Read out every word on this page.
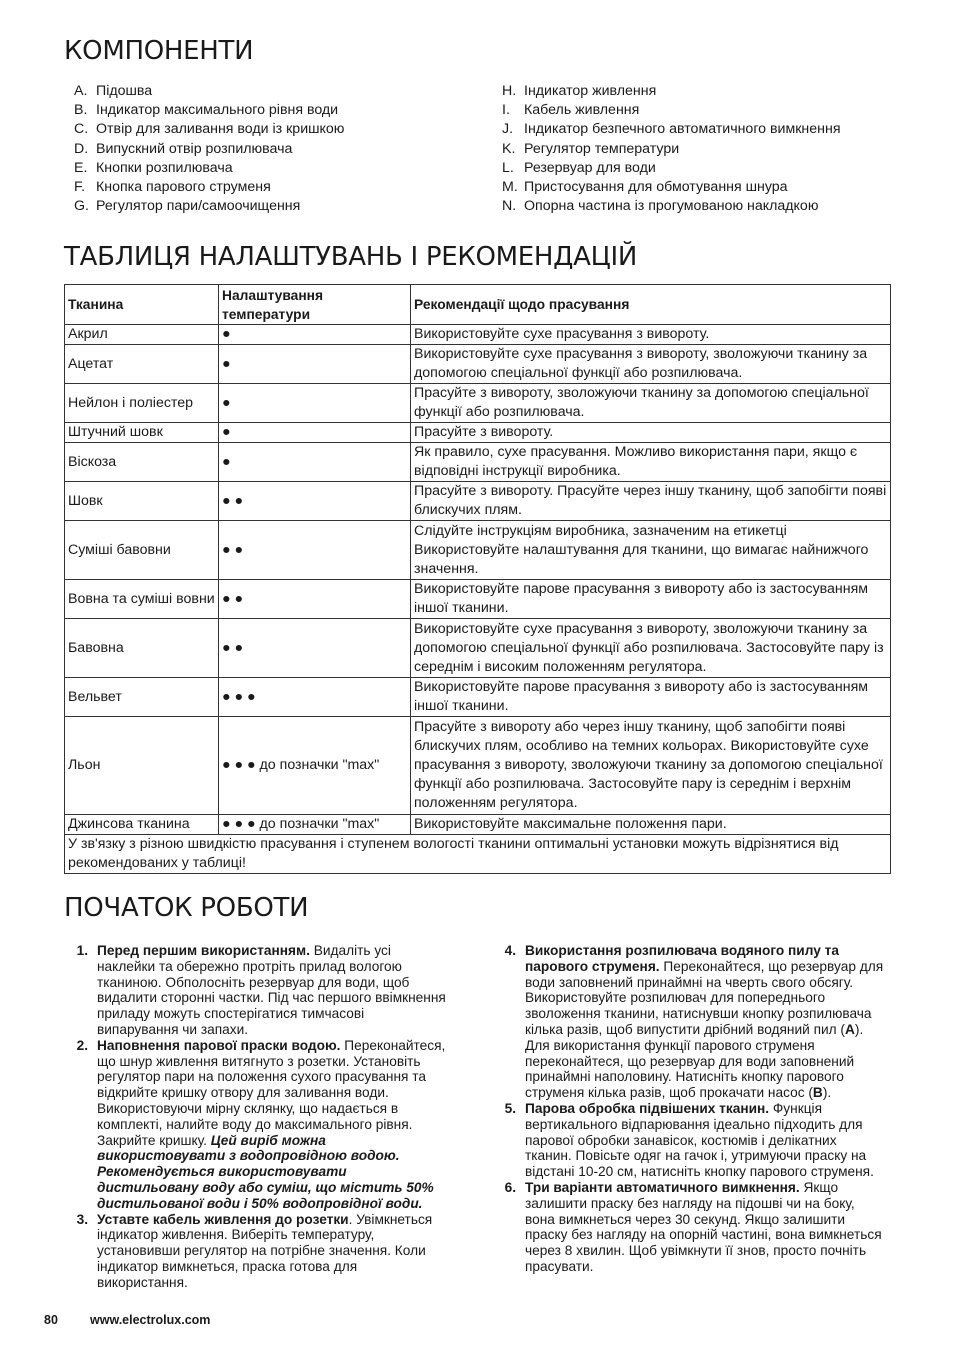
КОМПОНЕНТИ
A. Підошва
B. Індикатор максимального рівня води
C. Отвір для заливання води із кришкою
D. Випускний отвір розпилювача
E. Кнопки розпилювача
F. Кнопка парового струменя
G. Регулятор пари/самоочищення
H. Індикатор живлення
I. Кабель живлення
J. Індикатор безпечного автоматичного вимкнення
K. Регулятор температури
L. Резервуар для води
M. Пристосування для обмотування шнура
N. Опорна частина із прогумованою накладкою
ТАБЛИЦЯ НАЛАШТУВАНЬ І РЕКОМЕНДАЦІЙ
Тканина	Налаштування температури	Рекомендації щодо прасування
Акрил	●	Використовуйте сухе прасування з вивороту.
Ацетат	●	Використовуйте сухе прасування з вивороту, зволожуючи тканину за допомогою спеціальної функції або розпилювача.
Нейлон і поліестер	●	Прасуйте з вивороту, зволожуючи тканину за допомогою спеціальної функції або розпилювача.
Штучний шовк	●	Прасуйте з вивороту.
Віскоза	●	Як правило, сухе прасування. Можливо використання пари, якщо є відповідні інструкції виробника.
Шовк	● ●	Прасуйте з вивороту. Прасуйте через іншу тканину, щоб запобігти появі блискучих плям.
Суміші бавовни	● ●	Слідуйте інструкціям виробника, зазначеним на етикетці Використовуйте налаштування для тканини, що вимагає найнижчого значення.
Вовна та суміші вовни	● ●	Використовуйте парове прасування з вивороту або із застосуванням іншої тканини.
Бавовна	● ●	Використовуйте сухе прасування з вивороту, зволожуючи тканину за допомогою спеціальної функції або розпилювача. Застосовуйте пару із середнім і високим положенням регулятора.
Вельвет	● ● ●	Використовуйте парове прасування з вивороту або із застосуванням іншої тканини.
Льон	● ● ● до позначки "max"	Прасуйте з вивороту або через іншу тканину, щоб запобігти появі блискучих плям, особливо на темних кольорах. Використовуйте сухе прасування з вивороту, зволожуючи тканину за допомогою спеціальної функції або розпилювача. Застосовуйте пару із середнім і верхнім положенням регулятора.
Джинсова тканина	● ● ● до позначки "max"	Використовуйте максимальне положення пари.
У зв'язку з різною швидкістю прасування і ступенем вологості тканини оптимальні установки можуть відрізнятися від рекомендованих у таблиці!		
ПОЧАТОК РОБОТИ
1. Перед першим використанням. Видаліть усі наклейки та обережно протріть прилад вологою тканиною. Обполосніть резервуар для води, щоб видалити сторонні частки. Під час першого ввімкнення приладу можуть спостерігатися тимчасові випарування чи запахи.
2. Наповнення парової праски водою. Переконайтеся, що шнур живлення витягнуто з розетки. Установіть регулятор пари на положення сухого прасування та відкрийте кришку отвору для заливання води. Використовуючи мірну склянку, що надається в комплекті, налийте воду до максимального рівня. Закрийте кришку. Цей виріб можна використовувати з водопровідною водою. Рекомендується використовувати дистильовану воду або суміш, що містить 50% дистильованої води і 50% водопровідної води.
3. Уставте кабель живлення до розетки. Увімкнеться індикатор живлення. Виберіть температуру, установивши регулятор на потрібне значення. Коли індикатор вимкнеться, праска готова для використання.
4. Використання розпилювача водяного пилу та парового струменя. Переконайтеся, що резервуар для води заповнений принаймні на чверть свого обсягу. Використовуйте розпилювач для попереднього зволоження тканини, натиснувши кнопку розпилювача кілька разів, щоб випустити дрібний водяний пил (A). Для використання функції парового струменя переконайтеся, що резервуар для води заповнений принаймні наполовину. Натисніть кнопку парового струменя кілька разів, щоб прокачати насос (B).
5. Парова обробка підвішених тканин. Функція вертикального відпарювання ідеально підходить для парової обробки занавісок, костюмів і делікатних тканин. Повісьте одяг на гачок і, утримуючи праску на відстані 10-20 см, натисніть кнопку парового струменя.
6. Три варіанти автоматичного вимкнення. Якщо залишити праску без нагляду на підошві чи на боку, вона вимкнеться через 30 секунд. Якщо залишити праску без нагляду на опорній частині, вона вимкнеться через 8 хвилин. Щоб увімкнути її знов, просто почніть прасувати.
80	www.electrolux.com
